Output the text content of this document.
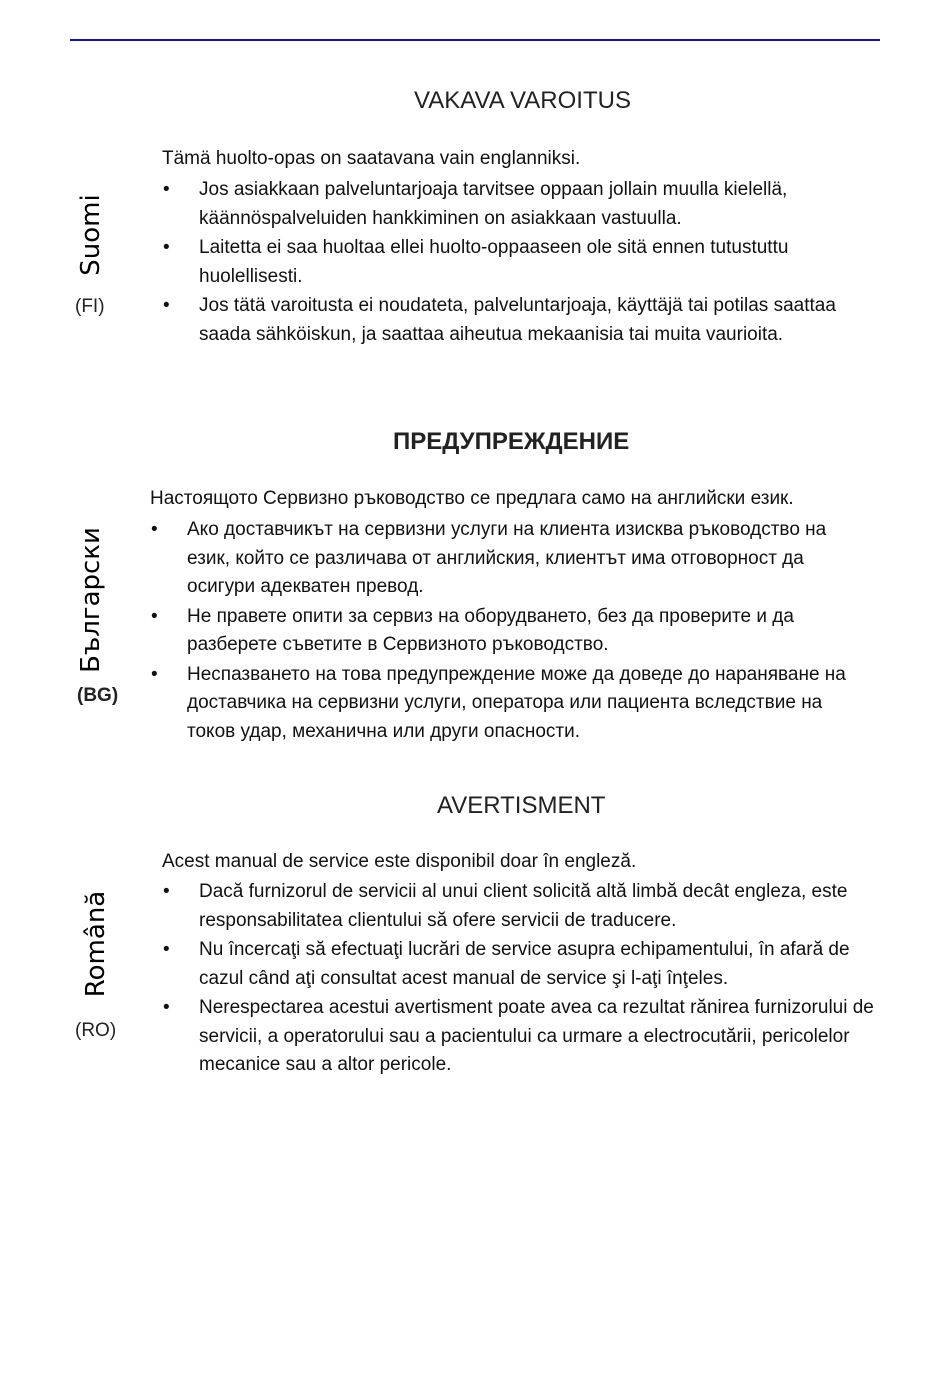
Suomi
(FI)
VAKAVA VAROITUS
Tämä huolto-opas on saatavana vain englanniksi.
• Jos asiakkaan palveluntarjoaja tarvitsee oppaan jollain muulla kielellä, käännöspalveluiden hankkiminen on asiakkaan vastuulla.
• Laitetta ei saa huoltaa ellei huolto-oppaaseen ole sitä ennen tutustuttu huolellisesti.
• Jos tätä varoitusta ei noudateta, palveluntarjoaja, käyttäjä tai potilas saattaa saada sähköiskun, ja saattaa aiheutua mekaanisia tai muita vaurioita.
Български
(BG)
ПРЕДУПРЕЖДЕНИЕ
Настоящото Сервизно ръководство се предлага само на английски език.
• Ако доставчикът на сервизни услуги на клиента изисква ръководство на език, който се различава от английския, клиентът има отговорност да осигури адекватен превод.
• Не правете опити за сервиз на оборудването, без да проверите и да разберете съветите в Сервизното ръководство.
• Неспазването на това предупреждение може да доведе до нараняване на доставчика на сервизни услуги, оператора или пациента вследствие на токов удар, механична или други опасности.
Română
(RO)
AVERTISMENT
Acest manual de service este disponibil doar în engleză.
• Dacă furnizorul de servicii al unui client solicită altă limbă decât engleza, este responsabilitatea clientului să ofere servicii de traducere.
• Nu încercaţi să efectuaţi lucrări de service asupra echipamentului, în afară de cazul când aţi consultat acest manual de service şi l-aţi înţeles.
• Nerespectarea acestui avertisment poate avea ca rezultat rănirea furnizorului de servicii, a operatorului sau a pacientului ca urmare a electrocutării, pericolelor mecanice sau a altor pericole.
